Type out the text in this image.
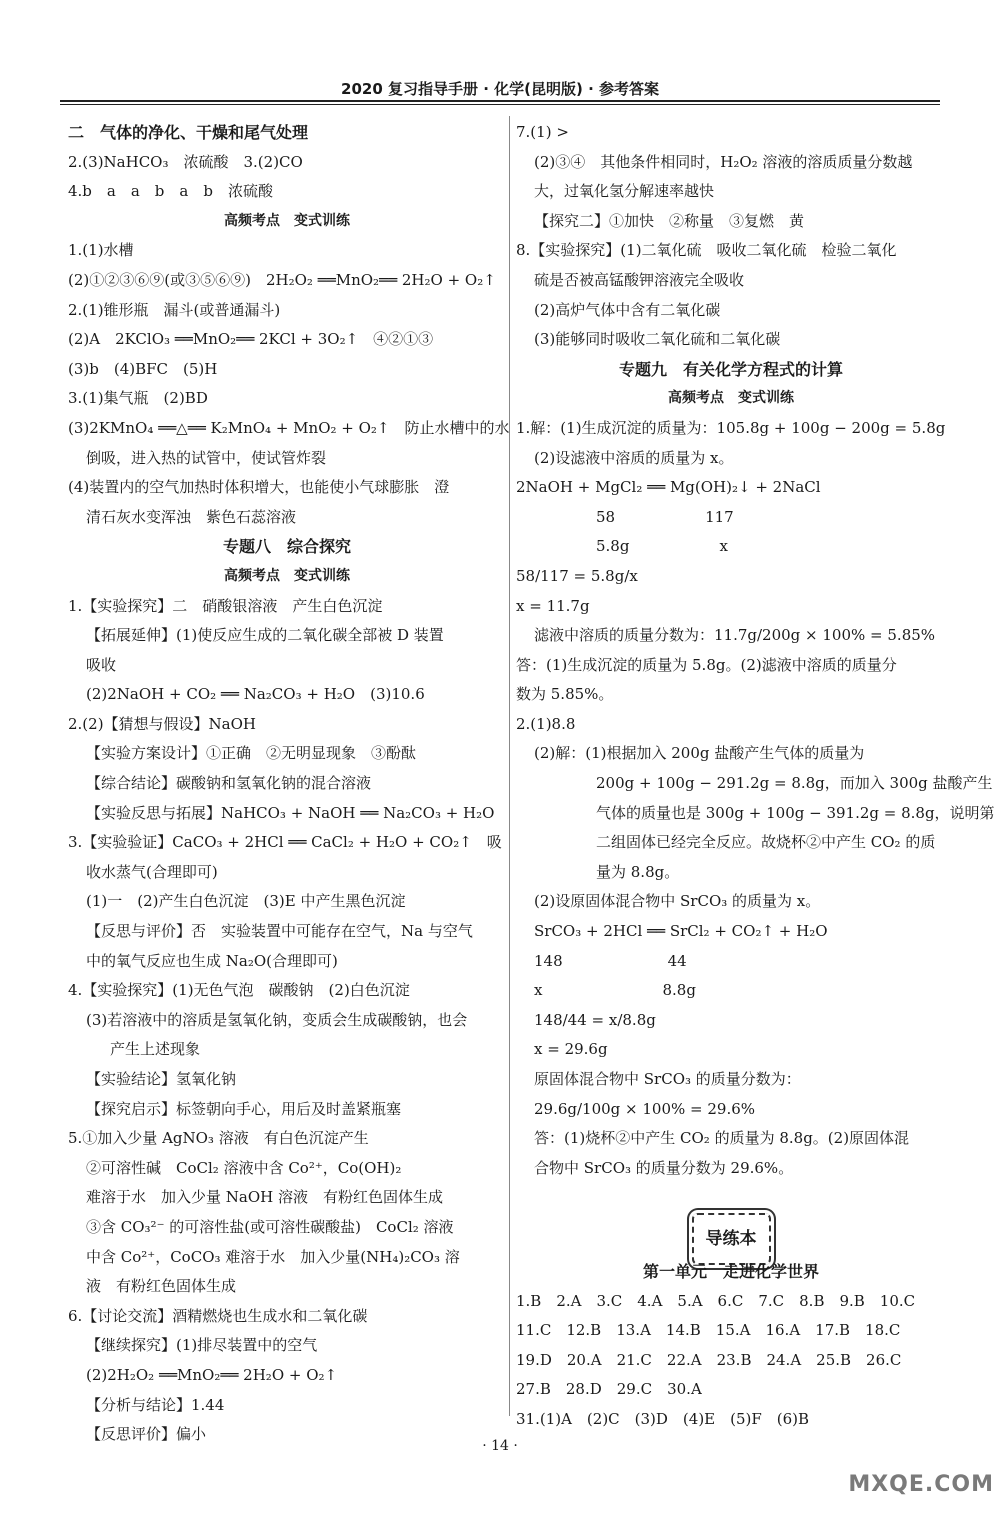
2020 复习指导手册 · 化学(昆明版) · 参考答案

二　气体的净化、干燥和尾气处理

2.(3)NaHCO₃　浓硫酸　3.(2)CO

4.b　a　a　b　a　b　浓硫酸

高频考点　变式训练

1.(1)水槽

(2)①②③⑥⑨(或③⑤⑥⑨)　2H₂O₂ ══MnO₂══ 2H₂O + O₂↑

2.(1)锥形瓶　漏斗(或普通漏斗)

(2)A　2KClO₃ ══MnO₂══ 2KCl + 3O₂↑　④②①③

(3)b　(4)BFC　(5)H

3.(1)集气瓶　(2)BD

(3)2KMnO₄ ══△══ K₂MnO₄ + MnO₂ + O₂↑　防止水槽中的水

倒吸，进入热的试管中，使试管炸裂

(4)装置内的空气加热时体积增大，也能使小气球膨胀　澄

清石灰水变浑浊　紫色石蕊溶液

专题八　综合探究

高频考点　变式训练

1.【实验探究】二　硝酸银溶液　产生白色沉淀

【拓展延伸】(1)使反应生成的二氧化碳全部被 D 装置

吸收

(2)2NaOH + CO₂ ══ Na₂CO₃ + H₂O　(3)10.6

2.(2)【猜想与假设】NaOH

【实验方案设计】①正确　②无明显现象　③酚酞

【综合结论】碳酸钠和氢氧化钠的混合溶液

【实验反思与拓展】NaHCO₃ + NaOH ══ Na₂CO₃ + H₂O

3.【实验验证】CaCO₃ + 2HCl ══ CaCl₂ + H₂O + CO₂↑　吸

收水蒸气(合理即可)

(1)一　(2)产生白色沉淀　(3)E 中产生黑色沉淀

【反思与评价】否　实验装置中可能存在空气，Na 与空气

中的氧气反应也生成 Na₂O(合理即可)

4.【实验探究】(1)无色气泡　碳酸钠　(2)白色沉淀

(3)若溶液中的溶质是氢氧化钠，变质会生成碳酸钠，也会

产生上述现象

【实验结论】氢氧化钠

【探究启示】标签朝向手心，用后及时盖紧瓶塞

5.①加入少量 AgNO₃ 溶液　有白色沉淀产生

②可溶性碱　CoCl₂ 溶液中含 Co²⁺，Co(OH)₂

难溶于水　加入少量 NaOH 溶液　有粉红色固体生成

③含 CO₃²⁻ 的可溶性盐(或可溶性碳酸盐)　CoCl₂ 溶液

中含 Co²⁺，CoCO₃ 难溶于水　加入少量(NH₄)₂CO₃ 溶

液　有粉红色固体生成

6.【讨论交流】酒精燃烧也生成水和二氧化碳

【继续探究】(1)排尽装置中的空气

(2)2H₂O₂ ══MnO₂══ 2H₂O + O₂↑

【分析与结论】1.44

【反思评价】偏小

7.(1) >

(2)③④　其他条件相同时，H₂O₂ 溶液的溶质质量分数越

大，过氧化氢分解速率越快

【探究二】①加快　②称量　③复燃　黄

8.【实验探究】(1)二氧化硫　吸收二氧化硫　检验二氧化

硫是否被高锰酸钾溶液完全吸收

(2)高炉气体中含有二氧化碳

(3)能够同时吸收二氧化硫和二氧化碳

专题九　有关化学方程式的计算

高频考点　变式训练

1.解：(1)生成沉淀的质量为：105.8g + 100g − 200g = 5.8g

(2)设滤液中溶质的质量为 x。

2NaOH + MgCl₂ ══ Mg(OH)₂↓ + 2NaCl

58　　　　　　117

5.8g　　　　　　x

58/117 = 5.8g/x

x = 11.7g

滤液中溶质的质量分数为：11.7g/200g × 100% = 5.85%

答：(1)生成沉淀的质量为 5.8g。(2)滤液中溶质的质量分

数为 5.85%。

2.(1)8.8

(2)解：(1)根据加入 200g 盐酸产生气体的质量为

200g + 100g − 291.2g = 8.8g，而加入 300g 盐酸产生

气体的质量也是 300g + 100g − 391.2g = 8.8g，说明第

二组固体已经完全反应。故烧杯②中产生 CO₂ 的质

量为 8.8g。

(2)设原固体混合物中 SrCO₃ 的质量为 x。

SrCO₃ + 2HCl ══ SrCl₂ + CO₂↑ + H₂O

148　　　　　　　44

x　　　　　　　　8.8g

148/44 = x/8.8g

x = 29.6g

原固体混合物中 SrCO₃ 的质量分数为：

29.6g/100g × 100% = 29.6%

答：(1)烧杯②中产生 CO₂ 的质量为 8.8g。(2)原固体混

合物中 SrCO₃ 的质量分数为 29.6%。

导练本

第一单元　走进化学世界

1.B　2.A　3.C　4.A　5.A　6.C　7.C　8.B　9.B　10.C

11.C　12.B　13.A　14.B　15.A　16.A　17.B　18.C

19.D　20.A　21.C　22.A　23.B　24.A　25.B　26.C

27.B　28.D　29.C　30.A

31.(1)A　(2)C　(3)D　(4)E　(5)F　(6)B

· 14 ·
MXQE.COM
